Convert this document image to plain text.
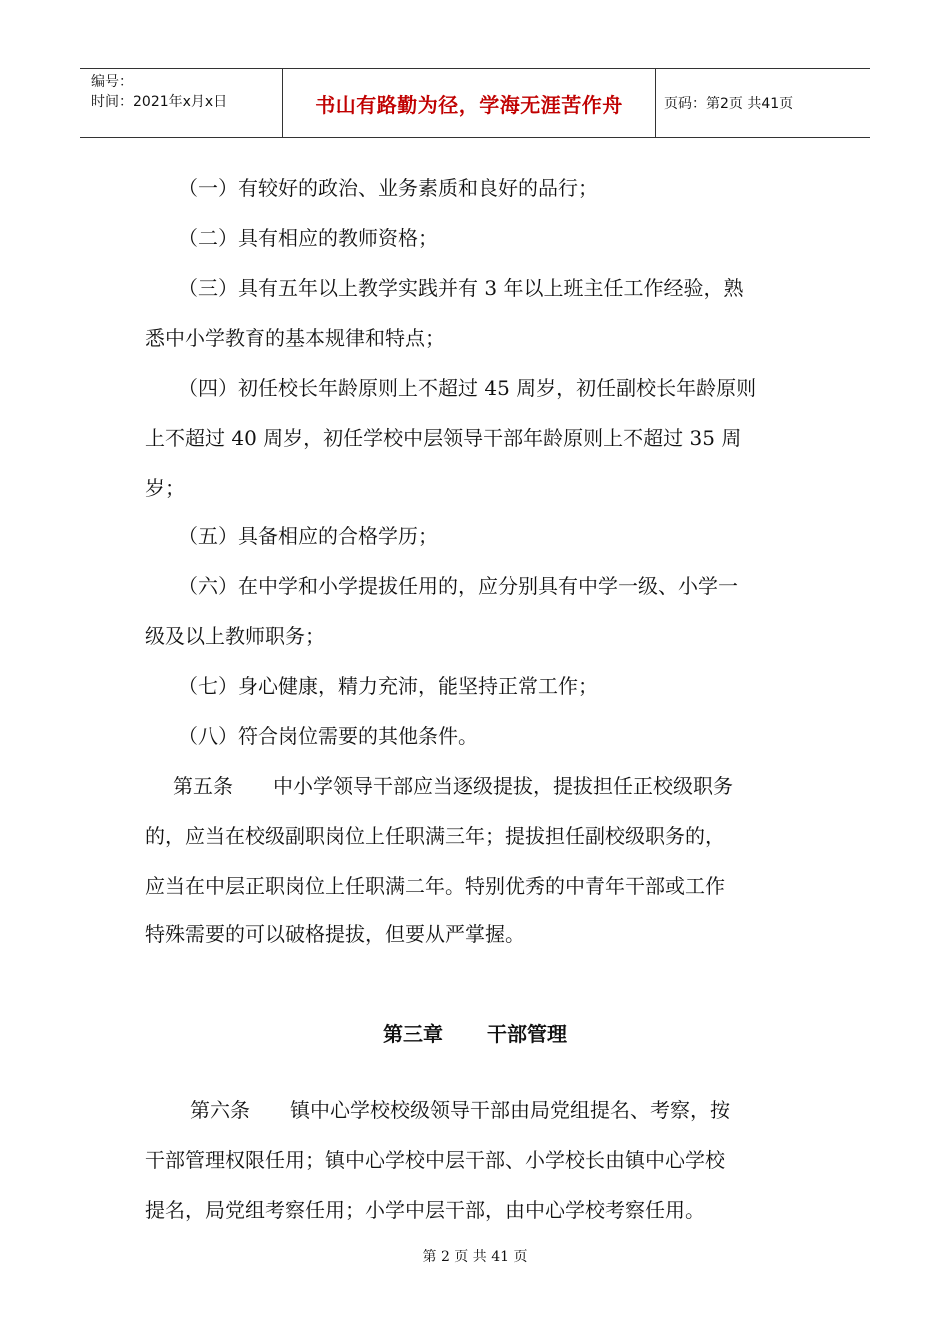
编号：
时间：2021年x月x日	书山有路勤为径，学海无涯苦作舟	页码：第2页 共41页
（一）有较好的政治、业务素质和良好的品行；
（二）具有相应的教师资格；
（三）具有五年以上教学实践并有 3 年以上班主任工作经验，熟
悉中小学教育的基本规律和特点；
（四）初任校长年龄原则上不超过 45 周岁，初任副校长年龄原则
上不超过 40 周岁，初任学校中层领导干部年龄原则上不超过 35 周
岁；
（五）具备相应的合格学历；
（六）在中学和小学提拔任用的，应分别具有中学一级、小学一
级及以上教师职务；
（七）身心健康，精力充沛，能坚持正常工作；
（八）符合岗位需要的其他条件。
第五条　　中小学领导干部应当逐级提拔，提拔担任正校级职务
的，应当在校级副职岗位上任职满三年；提拔担任副校级职务的，
应当在中层正职岗位上任职满二年。特别优秀的中青年干部或工作
特殊需要的可以破格提拔，但要从严掌握。
第三章 干部管理
第六条　　镇中心学校校级领导干部由局党组提名、考察，按
干部管理权限任用；镇中心学校中层干部、小学校长由镇中心学校
提名，局党组考察任用；小学中层干部，由中心学校考察任用。
第 2 页 共 41 页
